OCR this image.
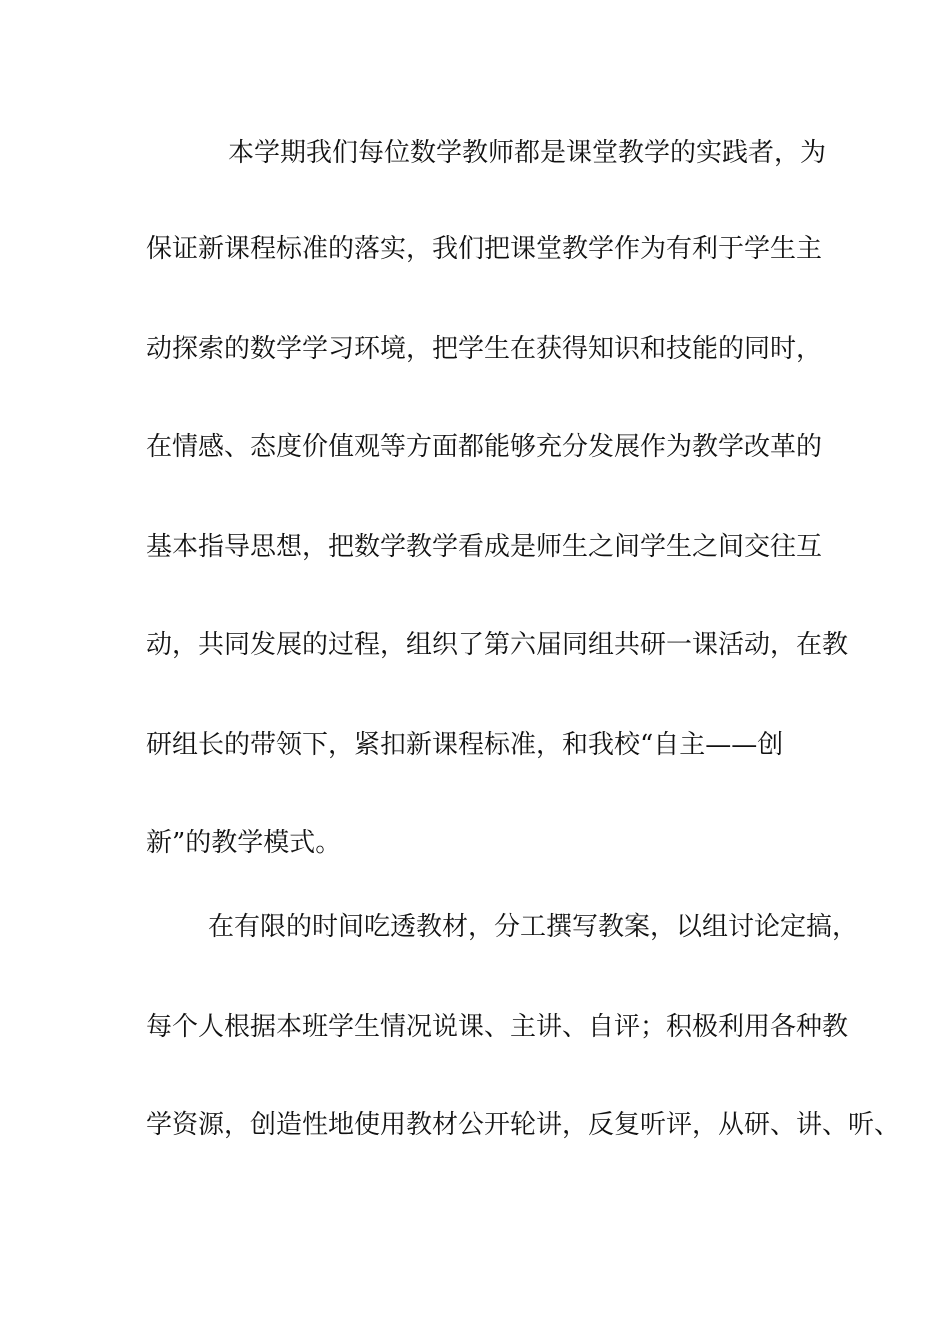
本学期我们每位数学教师都是课堂教学的实践者，为
保证新课程标准的落实，我们把课堂教学作为有利于学生主
动探索的数学学习环境，把学生在获得知识和技能的同时，
在情感、态度价值观等方面都能够充分发展作为教学改革的
基本指导思想，把数学教学看成是师生之间学生之间交往互
动，共同发展的过程，组织了第六届同组共研一课活动，在教
研组长的带领下，紧扣新课程标准，和我校“自主——创
新”的教学模式。
在有限的时间吃透教材，分工撰写教案，以组讨论定搞，
每个人根据本班学生情况说课、主讲、自评；积极利用各种教
学资源，创造性地使用教材公开轮讲，反复听评，从研、讲、听、
